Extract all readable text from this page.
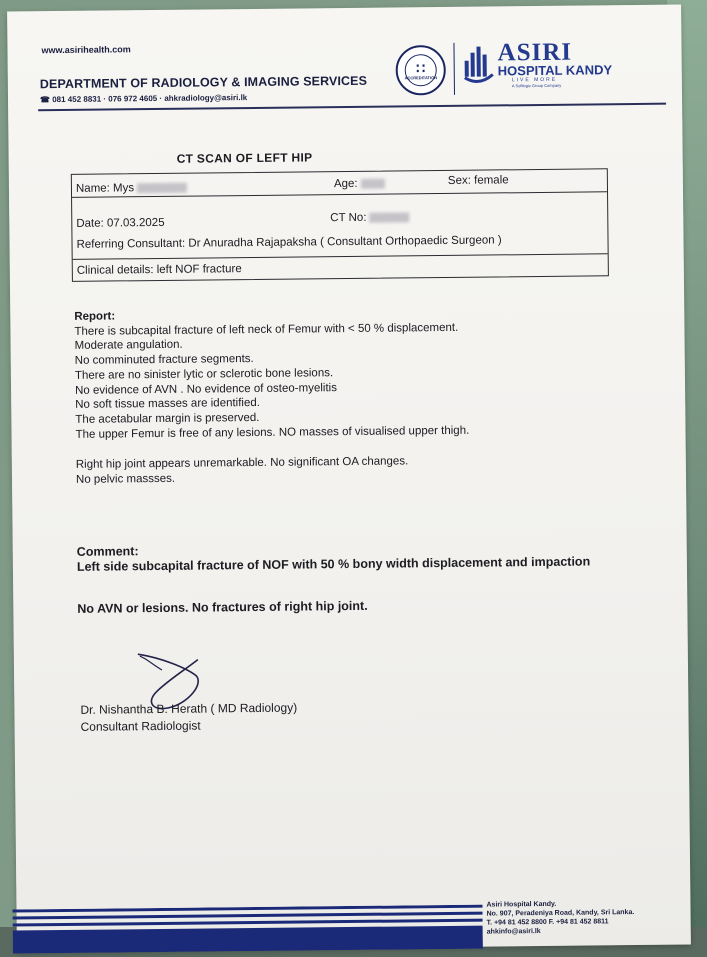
www.asirihealth.com
DEPARTMENT OF RADIOLOGY & IMAGING SERVICES
☎ 081 452 8831 · 076 972 4605 · ahkradiology@asiri.lk
∷
ACCREDITATION
ASIRI
HOSPITAL KANDY
LIVE MORE
A Softlogic Group Company
CT SCAN OF LEFT HIP
Name: Mys	Age:	Sex: female
Date: 07.03.2025	CT No:
Referring Consultant: Dr Anuradha Rajapaksha ( Consultant Orthopaedic Surgeon )
Clinical details: left NOF fracture
Report:
There is subcapital fracture of left neck of Femur with < 50 % displacement.
Moderate angulation.
No comminuted fracture segments.
There are no sinister lytic or sclerotic bone lesions.
No evidence of AVN . No evidence of osteo-myelitis
No soft tissue masses are identified.
The acetabular margin is preserved.
The upper Femur is free of any lesions. NO masses of visualised upper thigh.
Right hip joint appears unremarkable. No significant OA changes.
No pelvic massses.
Comment:
Left side subcapital fracture of NOF with 50 % bony width displacement and impaction
No AVN or lesions. No fractures of right hip joint.
Dr. Nishantha B. Herath ( MD Radiology)
Consultant Radiologist
Asiri Hospital Kandy.
No. 907, Peradeniya Road, Kandy, Sri Lanka.
T. +94 81 452 8800 F. +94 81 452 8811
ahkinfo@asiri.lk
